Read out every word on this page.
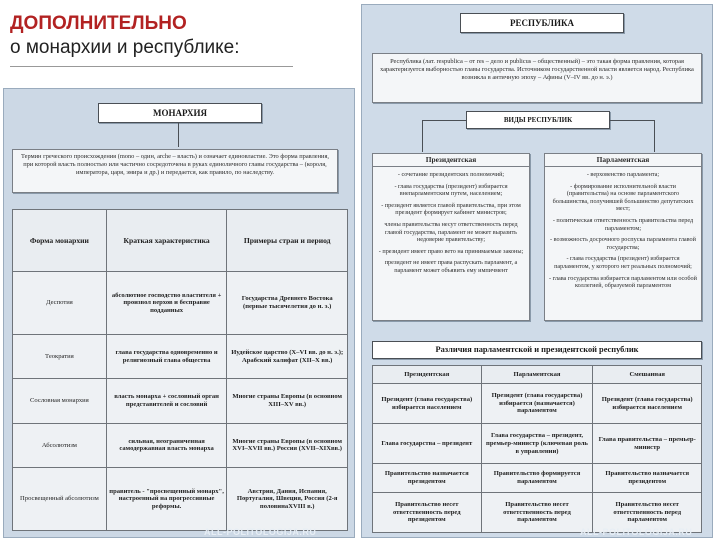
ДОПОЛНИТЕЛЬНО
о монархии и республике:
МОНАРХИЯ
Термин греческого происхождения (mono – один, arche – власть) и означает единовластие. Это форма правления, при которой власть полностью или частично сосредоточена в руках единоличного главы государства – (короля, императора, царя, эмира и др.) и передается, как правило, по наследству.
Форма монархии	Краткая характеристика	Примеры стран и период
Деспотия	абсолютное господство властителя + произвол верхов и бесправие подданных	Государства Древнего Востока (первые тысячелетия до н. э.)
Теократия	глава государства одновременно и религиозный глава общества	Иудейское царство (X–VI вв. до н. э.); Арабский халифат (XII–X вв.)
Сословная монархия	власть монарха + сословный орган представителей и сословий	Многие страны Европы (в основном XIII–XV вв.)
Абсолютизм	сильная, неограниченная самодержавная власть монарха	Многие страны Европы (в основном XVI–XVII вв.) Россия (XVII–XIXвв.)
Просвещенный абсолютизм	правитель - "просвещенный монарх", настроенный на прогрессивные реформы.	Австрия, Дания, Испания, Португалия, Швеция, Россия (2-я половинаXVIII в.)
ALL-POLITOLOGIJA.RU
РЕСПУБЛИКА
Республика (лат. respublica – от res – дело и publicus – общественный) – это такая форма правления, которая характеризуется выборностью главы государства. Источником государственной власти является народ. Республика возникла в античную эпоху – Афины (V–IV вв. до н. э.)
ВИДЫ РЕСПУБЛИК
Президентская
- сочетание президентских полномочий;
- глава государства (президент) избирается внепарламентским путем, населением;
- президент является главой правительства, при этом президент формирует кабинет министров;
члены правительства несут ответственность перед главой государства, парламент не может выразить недоверие правительству;
- президент имеет право вето на принимаемые законы;
президент не имеет права распускать парламент, а парламент может объявить ему импичмент
Парламентская
- верховенство парламента;
- формирование исполнительной власти (правительства) на основе парламентского большинства, получившей большинство депутатских мест;
- политическая ответственность правительства перед парламентом;
- возможность досрочного роспуска парламента главой государства;
- глава государства (президент) избирается парламентом, у которого нет реальных полномочий;
- глава государства избирается парламентом или особой коллегией, образуемой парламентом
Различия парламентской и президентской республик
Президентская	Парламентская	Смешанная
Президент (глава государства) избирается населением	Президент (глава государства) избирается (назначается) парламентом	Президент (глава государства) избирается населением
Глава государства – президент	Глава государства – президент, премьер-министр (ключевая роль в управлении)	Глава правительства – премьер-министр
Правительство назначается президентом	Правительство формируется парламентом	Правительство назначается президентом
Правительство несет ответственность перед президентом	Правительство несет ответственность перед парламентом	Правительство несет ответственность перед парламентом
ALL-POLITOLOGIJA.RU
